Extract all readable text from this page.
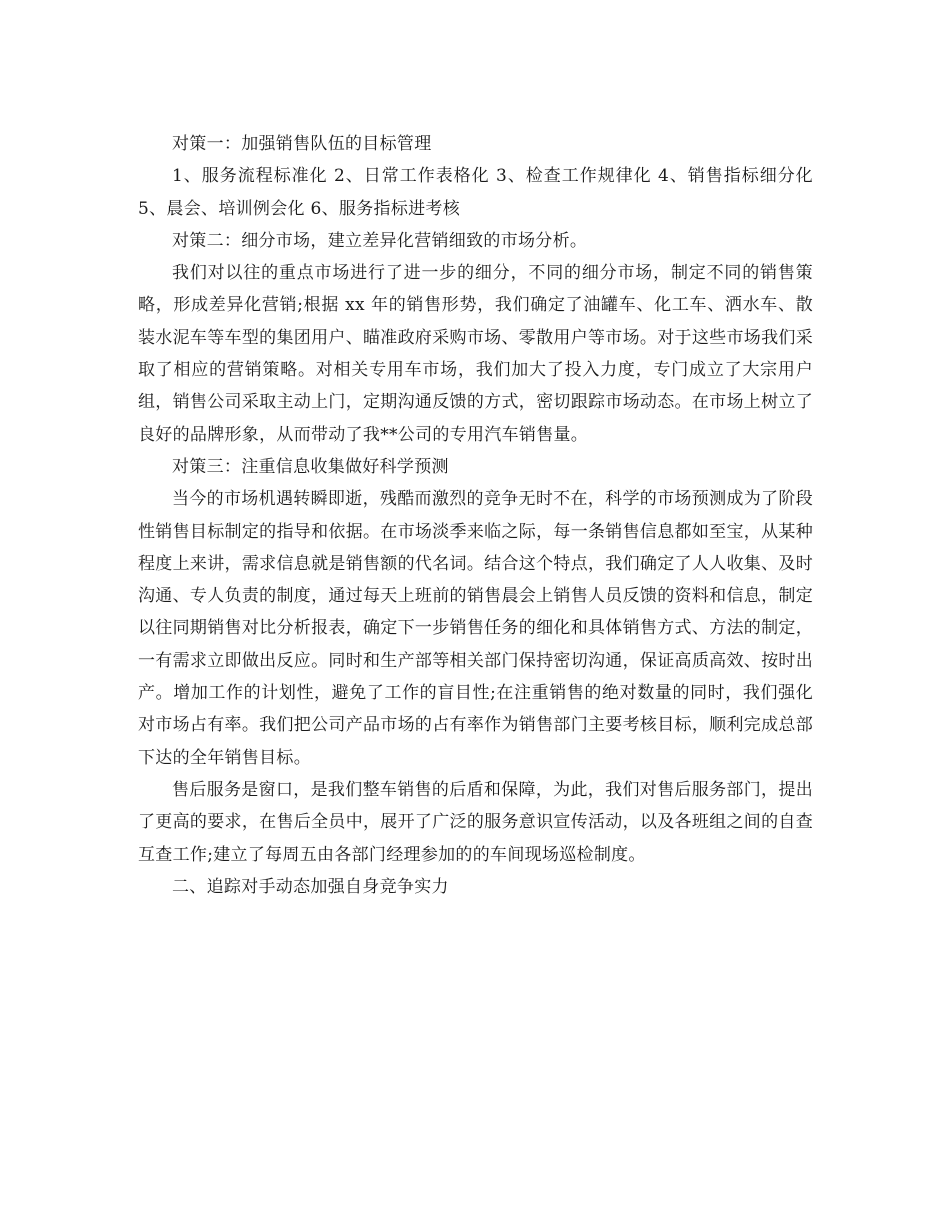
对策一：加强销售队伍的目标管理

1、服务流程标准化 2、日常工作表格化 3、检查工作规律化 4、销售指标细分化 5、晨会、培训例会化 6、服务指标进考核

对策二：细分市场，建立差异化营销细致的市场分析。

我们对以往的重点市场进行了进一步的细分，不同的细分市场，制定不同的销售策略，形成差异化营销;根据 xx 年的销售形势，我们确定了油罐车、化工车、洒水车、散装水泥车等车型的集团用户、瞄准政府采购市场、零散用户等市场。对于这些市场我们采取了相应的营销策略。对相关专用车市场，我们加大了投入力度，专门成立了大宗用户组，销售公司采取主动上门，定期沟通反馈的方式，密切跟踪市场动态。在市场上树立了良好的品牌形象，从而带动了我**公司的专用汽车销售量。

对策三：注重信息收集做好科学预测

当今的市场机遇转瞬即逝，残酷而激烈的竞争无时不在，科学的市场预测成为了阶段性销售目标制定的指导和依据。在市场淡季来临之际，每一条销售信息都如至宝，从某种程度上来讲，需求信息就是销售额的代名词。结合这个特点，我们确定了人人收集、及时沟通、专人负责的制度，通过每天上班前的销售晨会上销售人员反馈的资料和信息，制定以往同期销售对比分析报表，确定下一步销售任务的细化和具体销售方式、方法的制定，一有需求立即做出反应。同时和生产部等相关部门保持密切沟通，保证高质高效、按时出产。增加工作的计划性，避免了工作的盲目性;在注重销售的绝对数量的同时，我们强化对市场占有率。我们把公司产品市场的占有率作为销售部门主要考核目标，顺利完成总部下达的全年销售目标。

售后服务是窗口，是我们整车销售的后盾和保障，为此，我们对售后服务部门，提出了更高的要求，在售后全员中，展开了广泛的服务意识宣传活动，以及各班组之间的自查互查工作;建立了每周五由各部门经理参加的的车间现场巡检制度。

二、追踪对手动态加强自身竞争实力
